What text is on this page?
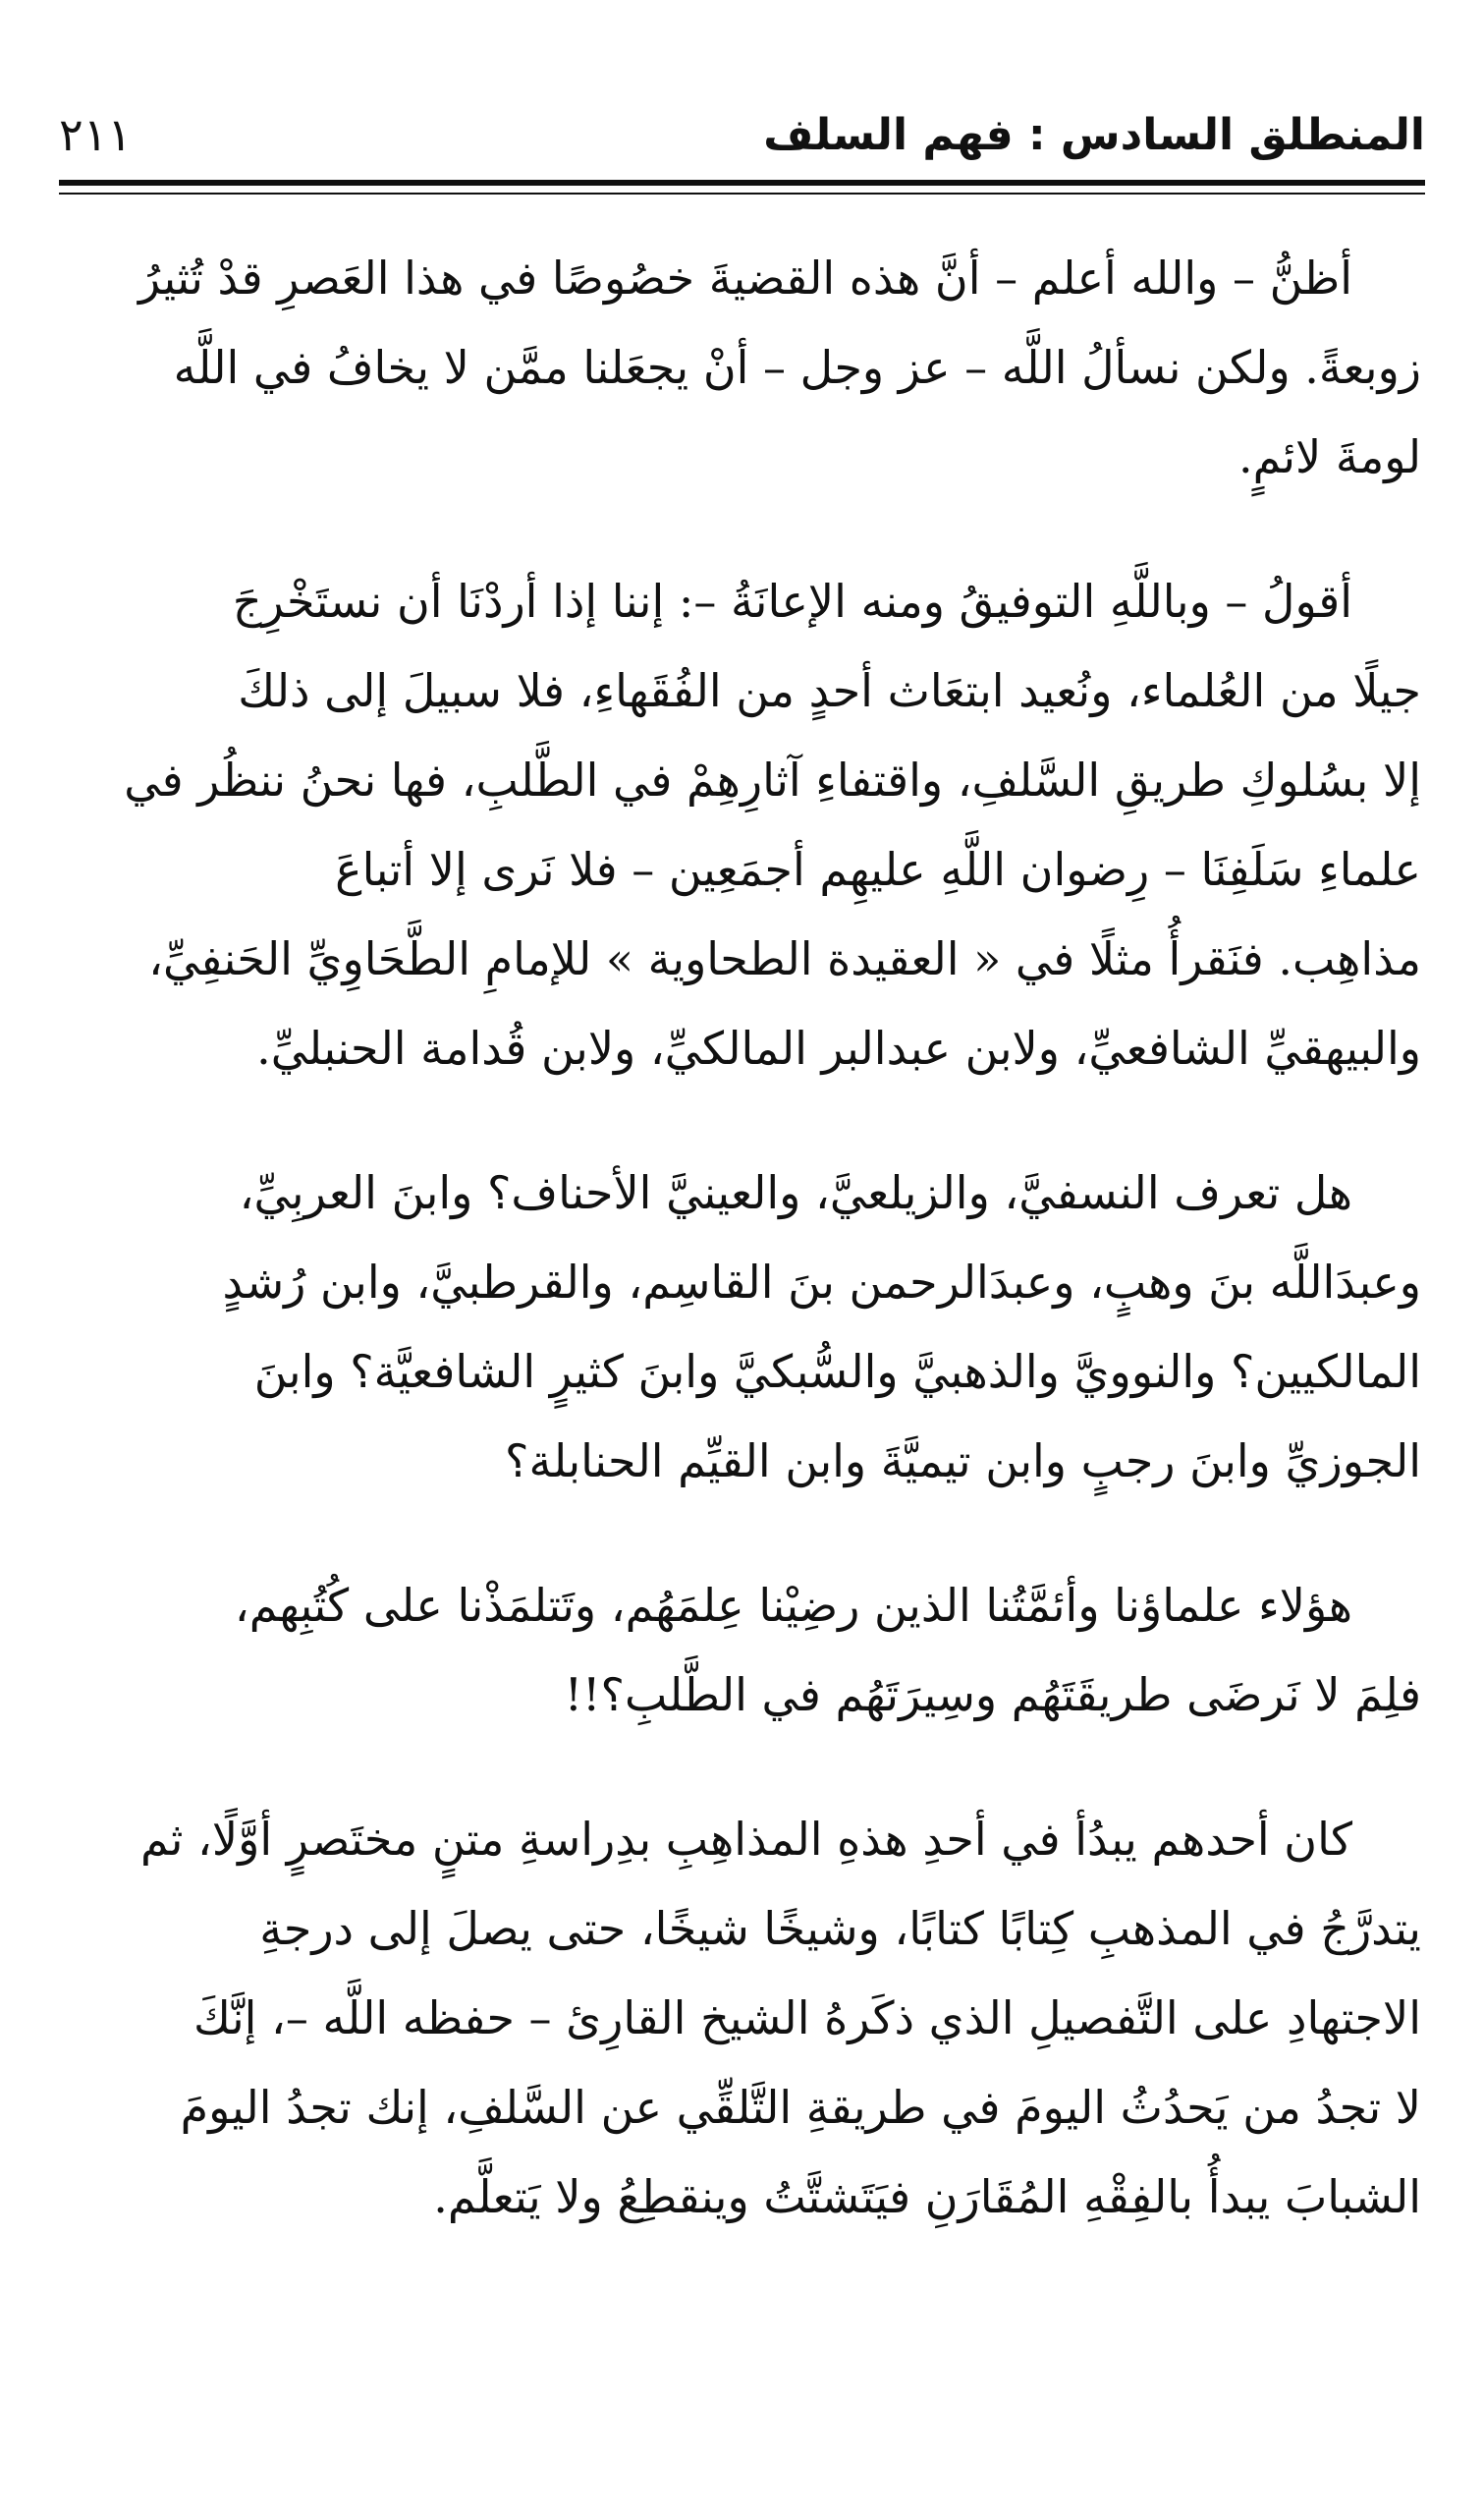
المنطلق السادس : فهم السلف
٢١١

أظنُّ – والله أعلم – أنَّ هذه القضيةَ خصُوصًا في هذا العَصرِ قدْ تُثيرُ
زوبعةً. ولكن نسألُ اللَّه – عز وجل – أنْ يجعَلنا ممَّن لا يخافُ في اللَّه
لومةَ لائمٍ.

أقولُ – وباللَّهِ التوفيقُ ومنه الإعانَةُ –: إننا إذا أردْنَا أن نستَخْرِجَ
جيلًا من العُلماء، ونُعيد ابتعَاث أحدٍ من الفُقَهاءِ، فلا سبيلَ إلى ذلكَ
إلا بسُلوكِ طريقِ السَّلفِ، واقتفاءِ آثارِهِمْ في الطَّلبِ، فها نحنُ ننظُر في
علماءِ سَلَفِنَا – رِضوان اللَّهِ عليهِم أجمَعِين – فلا نَرى إلا أتباعَ
مذاهِب. فنَقرأُ مثلًا في « العقيدة الطحاوية » للإمامِ الطَّحَاوِيِّ الحَنفِيِّ،
والبيهقيِّ الشافعيِّ، ولابن عبدالبر المالكيِّ، ولابن قُدامة الحنبليِّ.

هل تعرف النسفيَّ، والزيلعيَّ، والعينيَّ الأحناف؟ وابنَ العربِيِّ،
وعبدَاللَّه بنَ وهبٍ، وعبدَالرحمن بنَ القاسِم، والقرطبيَّ، وابن رُشدٍ
المالكيين؟ والنوويَّ والذهبيَّ والسُّبكيَّ وابنَ كثيرٍ الشافعيَّة؟ وابنَ
الجوزيِّ وابنَ رجبٍ وابن تيميَّةَ وابن القيِّم الحنابلة؟

هؤلاء علماؤنا وأئمَّتُنا الذين رضِيْنا عِلمَهُم، وتَتلمَذْنا على كُتُبِهم،
فلِمَ لا نَرضَى طريقَتَهُم وسِيرَتَهُم في الطَّلبِ؟!!

كان أحدهم يبدُأ في أحدِ هذهِ المذاهِبِ بدِراسةِ متنٍ مختَصرٍ أوَّلًا، ثم
يتدرَّجُ في المذهبِ كِتابًا كتابًا، وشيخًا شيخًا، حتى يصلَ إلى درجةِ
الاجتهادِ على التَّفصيلِ الذي ذكَرهُ الشيخ القارِئ – حفظه اللَّه –، إنَّكَ
لا تجدُ من يَحدُثُ اليومَ في طريقةِ التَّلقِّي عن السَّلفِ، إنك تجدُ اليومَ
الشبابَ يبدأُ بالفِقْهِ المُقَارَنِ فيَتَشتَّتُ وينقطِعُ ولا يَتعلَّم.
